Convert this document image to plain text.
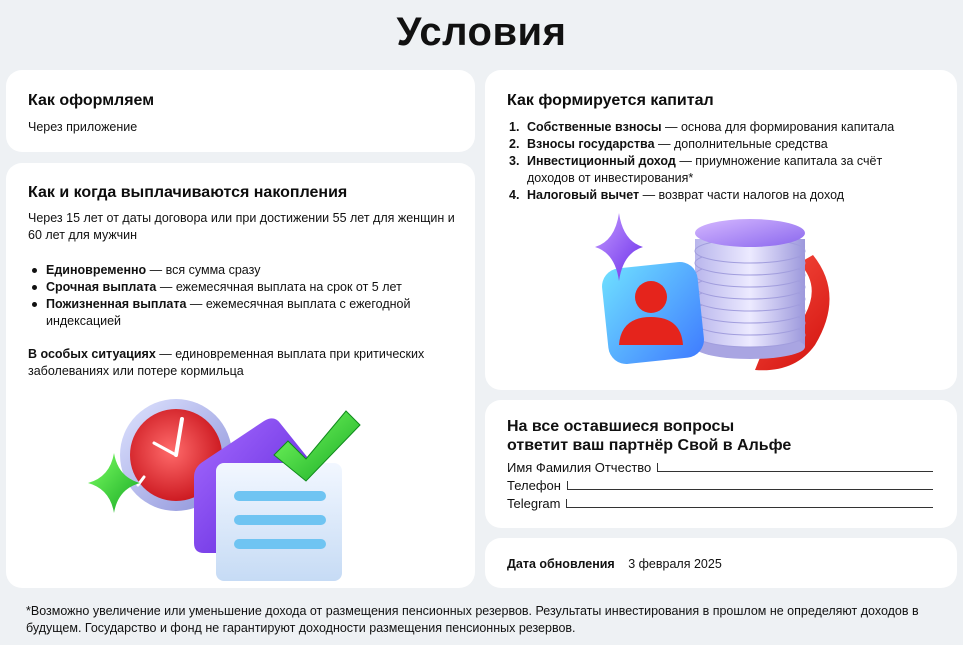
Условия
Как оформляем
Через приложение
Как и когда выплачиваются накопления
Через 15 лет от даты договора или при достижении 55 лет для женщин и 60 лет для мужчин
Единовременно — вся сумма сразу
Срочная выплата — ежемесячная выплата на срок от 5 лет
Пожизненная выплата — ежемесячная выплата с ежегодной индексацией
В особых ситуациях — единовременная выплата при критических заболеваниях или потере кормильца
Как формируется капитал
1. Собственные взносы — основа для формирования капитала
2. Взносы государства — дополнительные средства
3. Инвестиционный доход — приумножение капитала за счёт доходов от инвестирования*
4. Налоговый вычет — возврат части налогов на доход
На все оставшиеся вопросы
ответит ваш партнёр Свой в Альфе
Имя Фамилия Отчество
Телефон
Telegram
Дата обновления 3 февраля 2025
*Возможно увеличение или уменьшение дохода от размещения пенсионных резервов. Результаты инвестирования в прошлом не определяют доходов в будущем. Государство и фонд не гарантируют доходности размещения пенсионных резервов.
